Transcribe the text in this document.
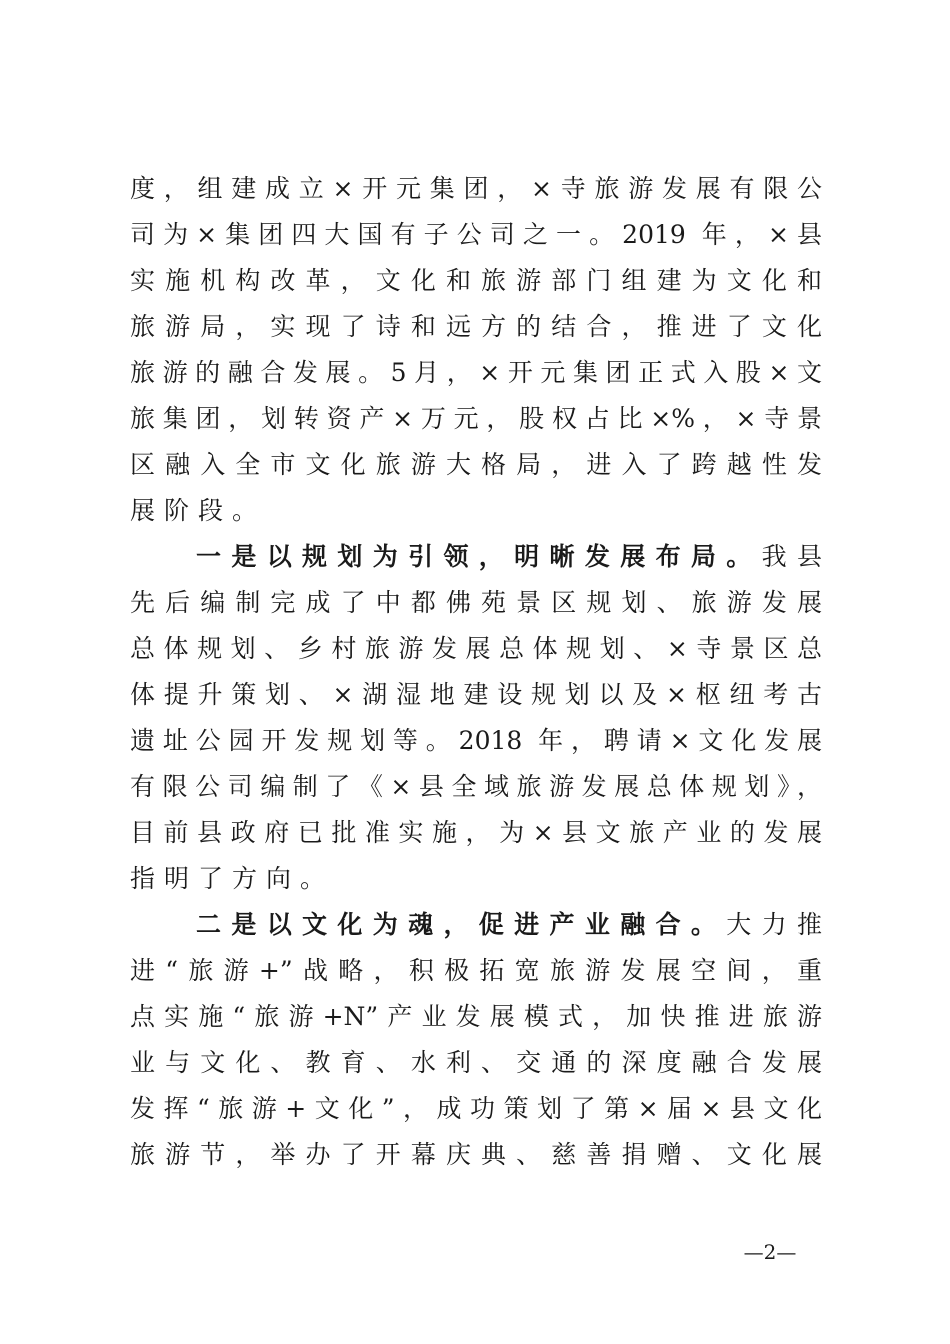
度，组建成立×开元集团，×寺旅游发展有限公
司为×集团四大国有子公司之一。2019 年，×县
实施机构改革，文化和旅游部门组建为文化和
旅游局，实现了诗和远方的结合，推进了文化
旅游的融合发展。5月，×开元集团正式入股×文
旅集团，划转资产×万元，股权占比×%，×寺景
区融入全市文化旅游大格局，进入了跨越性发
展阶段。
一是以规划为引领，明晰发展布局。我县
先后编制完成了中都佛苑景区规划、旅游发展
总体规划、乡村旅游发展总体规划、×寺景区总
体提升策划、×湖湿地建设规划以及×枢纽考古
遗址公园开发规划等。2018 年，聘请×文化发展
有限公司编制了《×县全域旅游发展总体规划》，
目前县政府已批准实施，为×县文旅产业的发展
指明了方向。
二是以文化为魂，促进产业融合。大力推
进“旅游+”战略，积极拓宽旅游发展空间，重
点实施“旅游+N”产业发展模式，加快推进旅游
业与文化、教育、水利、交通的深度融合发展
发挥“旅游+文化”，成功策划了第×届×县文化
旅游节，举办了开幕庆典、慈善捐赠、文化展
—2—
